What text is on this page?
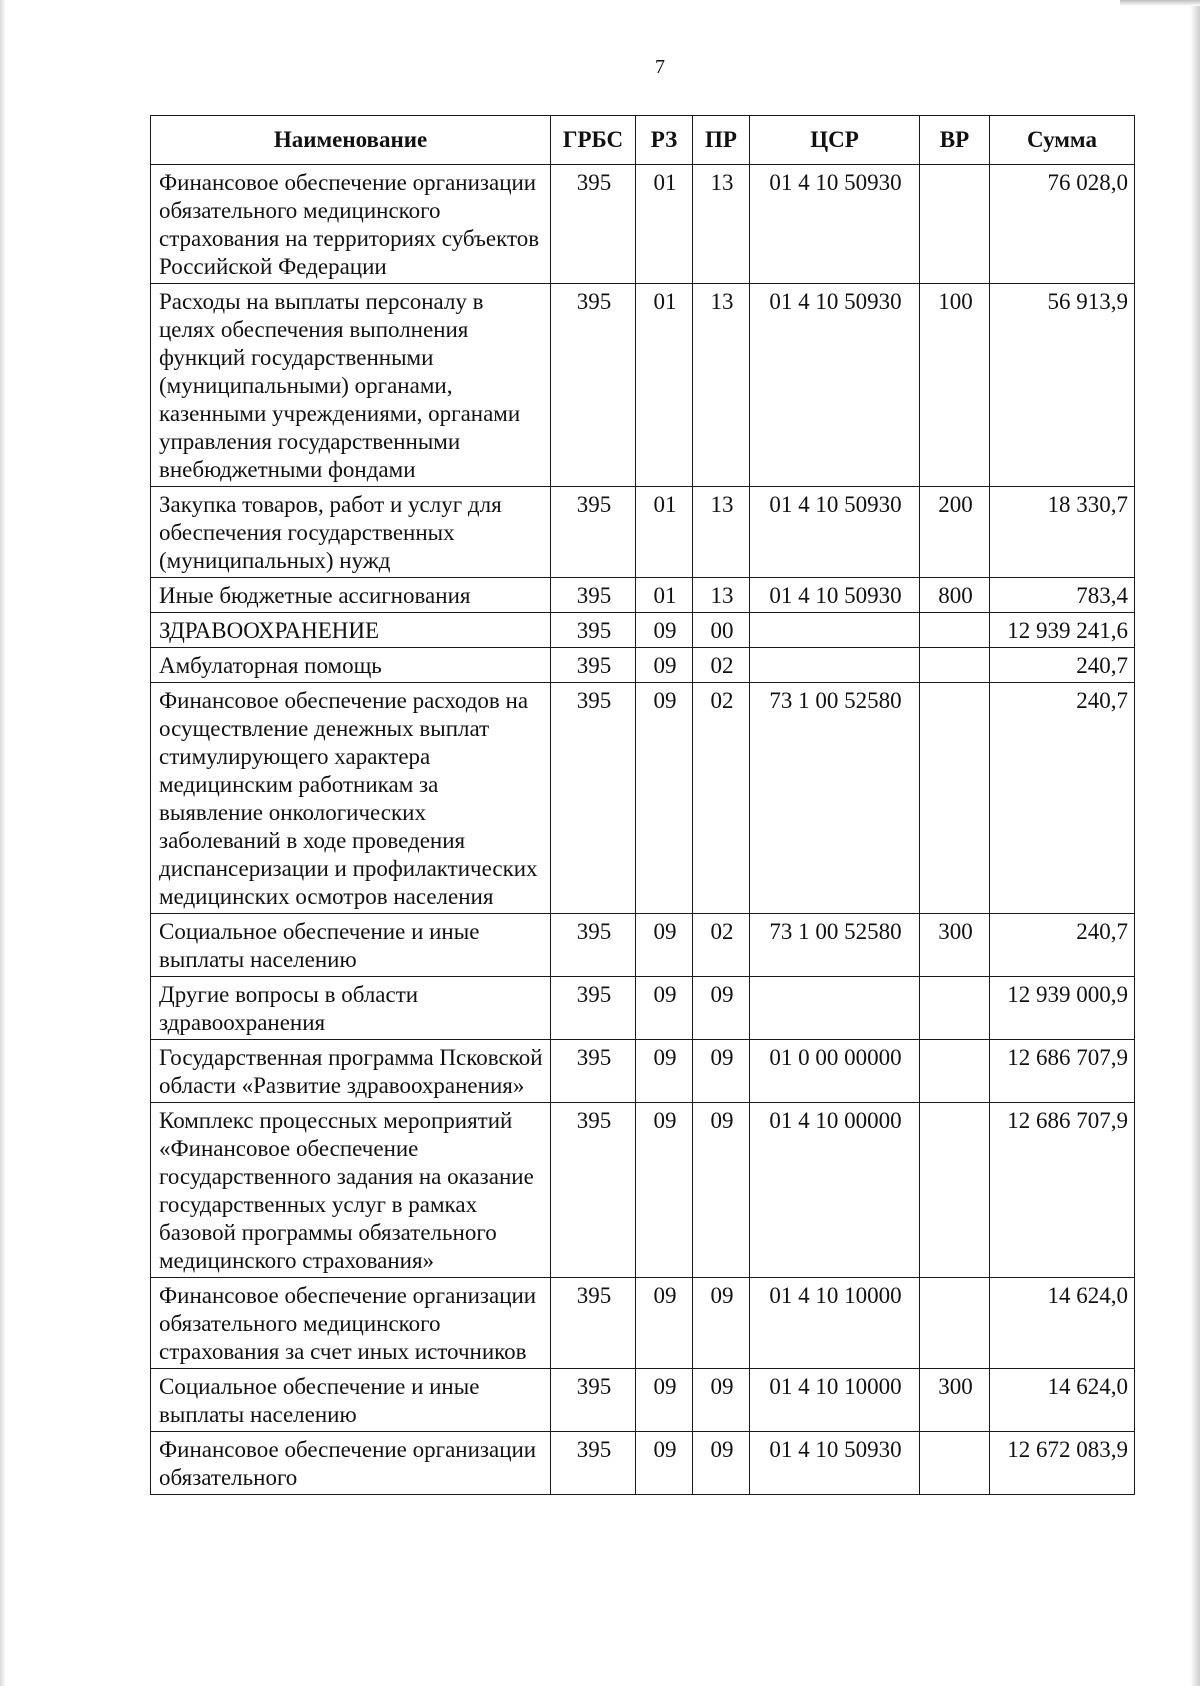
7
Наименование	ГРБС	РЗ	ПР	ЦСР	ВР	Сумма
Финансовое обеспечение организации обязательного медицинского страхования на территориях субъектов Российской Федерации	395	01	13	01 4 10 50930		76 028,0
Расходы на выплаты персоналу в целях обеспечения выполнения функций государственными (муниципальными) органами, казенными учреждениями, органами управления государственными внебюджетными фондами	395	01	13	01 4 10 50930	100	56 913,9
Закупка товаров, работ и услуг для обеспечения государственных (муниципальных) нужд	395	01	13	01 4 10 50930	200	18 330,7
Иные бюджетные ассигнования	395	01	13	01 4 10 50930	800	783,4
ЗДРАВООХРАНЕНИЕ	395	09	00			12 939 241,6
Амбулаторная помощь	395	09	02			240,7
Финансовое обеспечение расходов на осуществление денежных выплат стимулирующего характера медицинским работникам за выявление онкологических заболеваний в ходе проведения диспансеризации и профилактических медицинских осмотров населения	395	09	02	73 1 00 52580		240,7
Социальное обеспечение и иные выплаты населению	395	09	02	73 1 00 52580	300	240,7
Другие вопросы в области здравоохранения	395	09	09			12 939 000,9
Государственная программа Псковской области «Развитие здравоохранения»	395	09	09	01 0 00 00000		12 686 707,9
Комплекс процессных мероприятий «Финансовое обеспечение государственного задания на оказание государственных услуг в рамках базовой программы обязательного медицинского страхования»	395	09	09	01 4 10 00000		12 686 707,9
Финансовое обеспечение организации обязательного медицинского страхования за счет иных источников	395	09	09	01 4 10 10000		14 624,0
Социальное обеспечение и иные выплаты населению	395	09	09	01 4 10 10000	300	14 624,0
Финансовое обеспечение организации обязательного	395	09	09	01 4 10 50930		12 672 083,9
